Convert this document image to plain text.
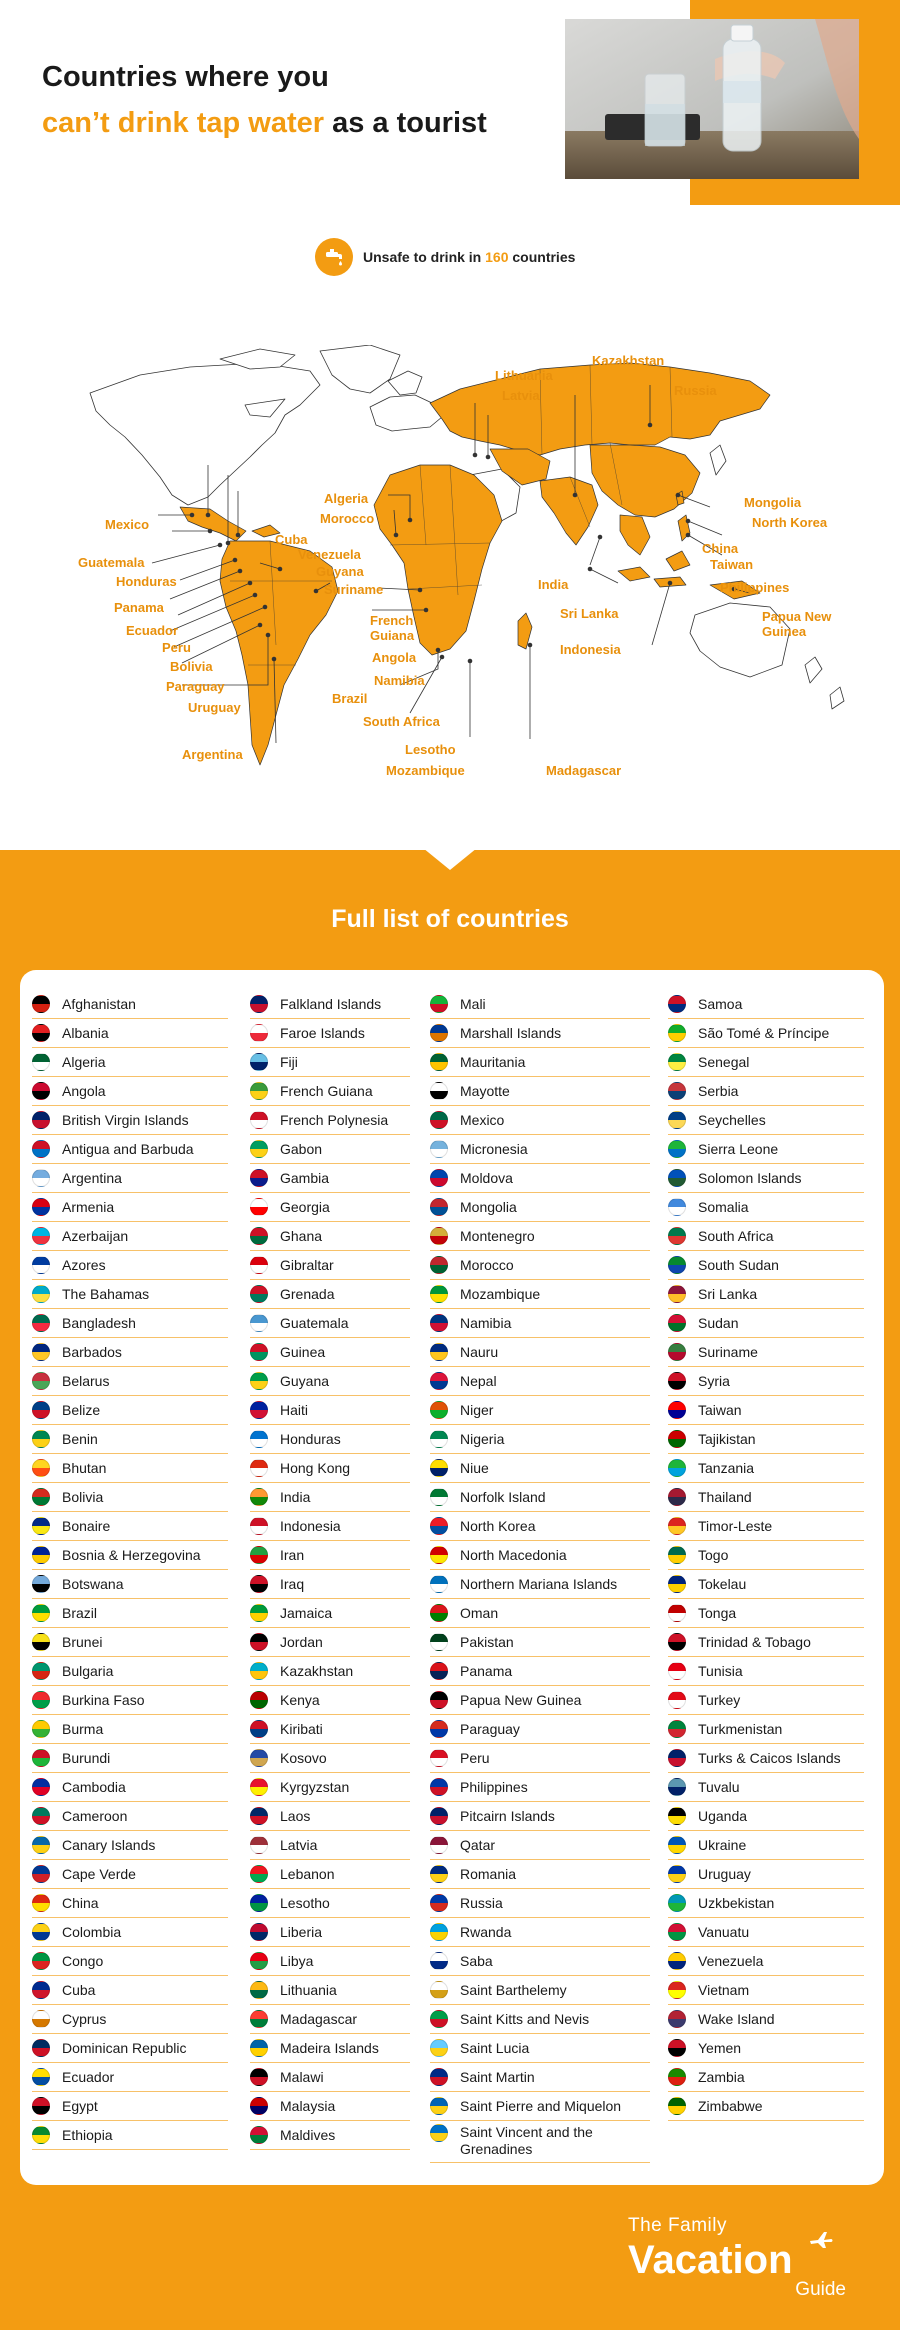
Countries where you
can’t drink tap water as a tourist
Unsafe to drink in 160 countries
Lithuania
Latvia
Kazakhstan
Russia
Algeria
Morocco
Mexico
Cuba
Venezuela
Guyana
Suriname
Guatemala
Honduras
Panama
Ecuador
Peru
Bolivia
Paraguay
Uruguay
Argentina
French
Guiana
Brazil
Angola
Namibia
South Africa
Lesotho
Mozambique	Madagascar
India
Sri Lanka
Indonesia
Mongolia
North Korea
China
Taiwan
Philippines
Papua New
Guinea
Full list of countries
Afghanistan
Albania
Algeria
Angola
British Virgin Islands
Antigua and Barbuda
Argentina
Armenia
Azerbaijan
Azores
The Bahamas
Bangladesh
Barbados
Belarus
Belize
Benin
Bhutan
Bolivia
Bonaire
Bosnia & Herzegovina
Botswana
Brazil
Brunei
Bulgaria
Burkina Faso
Burma
Burundi
Cambodia
Cameroon
Canary Islands
Cape Verde
China
Colombia
Congo
Cuba
Cyprus
Dominican Republic
Ecuador
Egypt
Ethiopia
Falkland Islands
Faroe Islands
Fiji
French Guiana
French Polynesia
Gabon
Gambia
Georgia
Ghana
Gibraltar
Grenada
Guatemala
Guinea
Guyana
Haiti
Honduras
Hong Kong
India
Indonesia
Iran
Iraq
Jamaica
Jordan
Kazakhstan
Kenya
Kiribati
Kosovo
Kyrgyzstan
Laos
Latvia
Lebanon
Lesotho
Liberia
Libya
Lithuania
Madagascar
Madeira Islands
Malawi
Malaysia
Maldives
Mali
Marshall Islands
Mauritania
Mayotte
Mexico
Micronesia
Moldova
Mongolia
Montenegro
Morocco
Mozambique
Namibia
Nauru
Nepal
Niger
Nigeria
Niue
Norfolk Island
North Korea
North Macedonia
Northern Mariana Islands
Oman
Pakistan
Panama
Papua New Guinea
Paraguay
Peru
Philippines
Pitcairn Islands
Qatar
Romania
Russia
Rwanda
Saba
Saint Barthelemy
Saint Kitts and Nevis
Saint Lucia
Saint Martin
Saint Pierre and Miquelon
Saint Vincent and the Grenadines
Samoa
São Tomé & Príncipe
Senegal
Serbia
Seychelles
Sierra Leone
Solomon Islands
Somalia
South Africa
South Sudan
Sri Lanka
Sudan
Suriname
Syria
Taiwan
Tajikistan
Tanzania
Thailand
Timor-Leste
Togo
Tokelau
Tonga
Trinidad & Tobago
Tunisia
Turkey
Turkmenistan
Turks & Caicos Islands
Tuvalu
Uganda
Ukraine
Uruguay
Uzkbekistan
Vanuatu
Venezuela
Vietnam
Wake Island
Yemen
Zambia
Zimbabwe
The Family
Vacation
Guide
